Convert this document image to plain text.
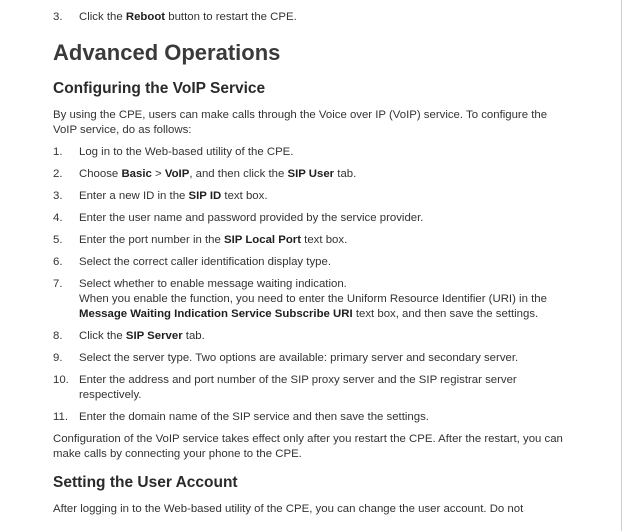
3. Click the Reboot button to restart the CPE.

Advanced Operations
Configuring the VoIP Service

By using the CPE, users can make calls through the Voice over IP (VoIP) service. To configure the VoIP service, do as follows:

1. Log in to the Web-based utility of the CPE.
2. Choose Basic > VoIP, and then click the SIP User tab.
3. Enter a new ID in the SIP ID text box.
4. Enter the user name and password provided by the service provider.
5. Enter the port number in the SIP Local Port text box.
6. Select the correct caller identification display type.
7. Select whether to enable message waiting indication.
When you enable the function, you need to enter the Uniform Resource Identifier (URI) in the Message Waiting Indication Service Subscribe URI text box, and then save the settings.
8. Click the SIP Server tab.
9. Select the server type. Two options are available: primary server and secondary server.
10. Enter the address and port number of the SIP proxy server and the SIP registrar server respectively.
11. Enter the domain name of the SIP service and then save the settings.

Configuration of the VoIP service takes effect only after you restart the CPE. After the restart, you can make calls by connecting your phone to the CPE.

Setting the User Account

After logging in to the Web-based utility of the CPE, you can change the user account. Do not
